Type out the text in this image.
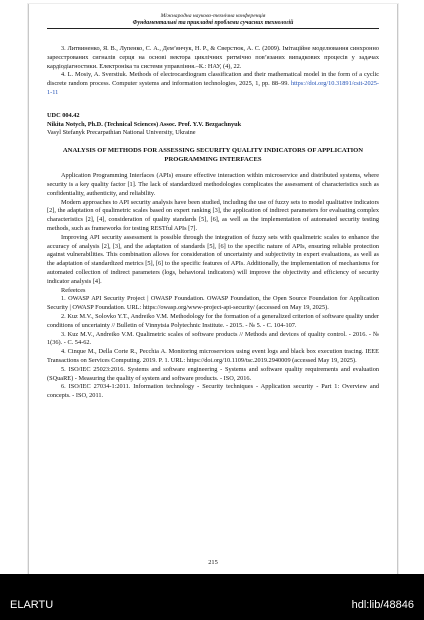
Міжнародна науково-технічна конференція
Фундаментальні та прикладні проблеми сучасних технологій

3. Литвиненко, Я. В., Лупенко, С. А., Дем’янчук, Н. Р., & Сверстюк, А. С. (2009). Імітаційне моделювання синхронно зареєстрованих сигналів серця на основі вектора циклічних ритмічно пов’язаних випадкових процесів у задачах кардіодіагностики. Електроніка та системи управління.–К.: НАУ, (4), 22.

4. L. Mosiy, A. Sverstiuk. Methods of electrocardiogram classification and their mathematical model in the form of a cyclic discrete random process. Computer systems and information technologies, 2025, 1, pp. 88–99. https://doi.org/10.31891/csit-2025-1-11

UDC 004.42

Nikita Notych, Ph.D. (Technical Sciences) Assoc. Prof. Y.V. Bezgachnyuk

Vasyl Stefanyk Precarpathian National University, Ukraine

ANALYSIS OF METHODS FOR ASSESSING SECURITY QUALITY INDICATORS OF APPLICATION PROGRAMMING INTERFACES

Application Programming Interfaces (APIs) ensure effective interaction within microservice and distributed systems, where security is a key quality factor [1]. The lack of standardized methodologies complicates the assessment of characteristics such as confidentiality, authenticity, and reliability.

Modern approaches to API security analysis have been studied, including the use of fuzzy sets to model qualitative indicators [2], the adaptation of qualimetric scales based on expert ranking [3], the application of indirect parameters for evaluating complex characteristics [2], [4], consideration of quality standards [5], [6], as well as the implementation of automated security testing methods, such as frameworks for testing RESTful APIs [7].

Improving API security assessment is possible through the integration of fuzzy sets with qualimetric scales to enhance the accuracy of analysis [2], [3], and the adaptation of standards [5], [6] to the specific nature of APIs, ensuring reliable protection against vulnerabilities. This combination allows for consideration of uncertainty and subjectivity in expert evaluations, as well as the adaptation of standardized metrics [5], [6] to the specific features of APIs. Additionally, the implementation of mechanisms for automated collection of indirect parameters (logs, behavioral indicators) will improve the objectivity and efficiency of security indicator analysis [4].

Refeetces

1. OWASP API Security Project | OWASP Foundation. OWASP Foundation, the Open Source Foundation for Application Security | OWASP Foundation. URL: https://owasp.org/www-project-api-security/ (accessed on May 19, 2025).

2. Kuz M.V., Solovko Y.T., Andreiko V.M. Methodology for the formation of a generalized criterion of software quality under conditions of uncertainty // Bulletin of Vinnytsia Polytechnic Institute. - 2015. - № 5. - С. 104-107.

3. Kuz M.V., Andreiko V.M. Qualimetric scales of software products // Methods and devices of quality control. - 2016. - № 1(36). - С. 54-62.

4. Cinque M., Della Corte R., Pecchia A. Monitoring microservices using event logs and black box execution tracing. IEEE Transactions on Services Computing. 2019. P. 1. URL: https://doi.org/10.1109/tsc.2019.2940009 (accessed May 19, 2025).

5. ISO/IEC 25023:2016. Systems and software engineering - Systems and software quality requirements and evaluation (SQuaRE) - Measuring the quality of system and software products. - ISO, 2016.

6. ISO/IEC 27034-1:2011. Information technology - Security techniques - Application security - Part 1: Overview and concepts. - ISO, 2011.

215
ELARTU	hdl:lib/48846
